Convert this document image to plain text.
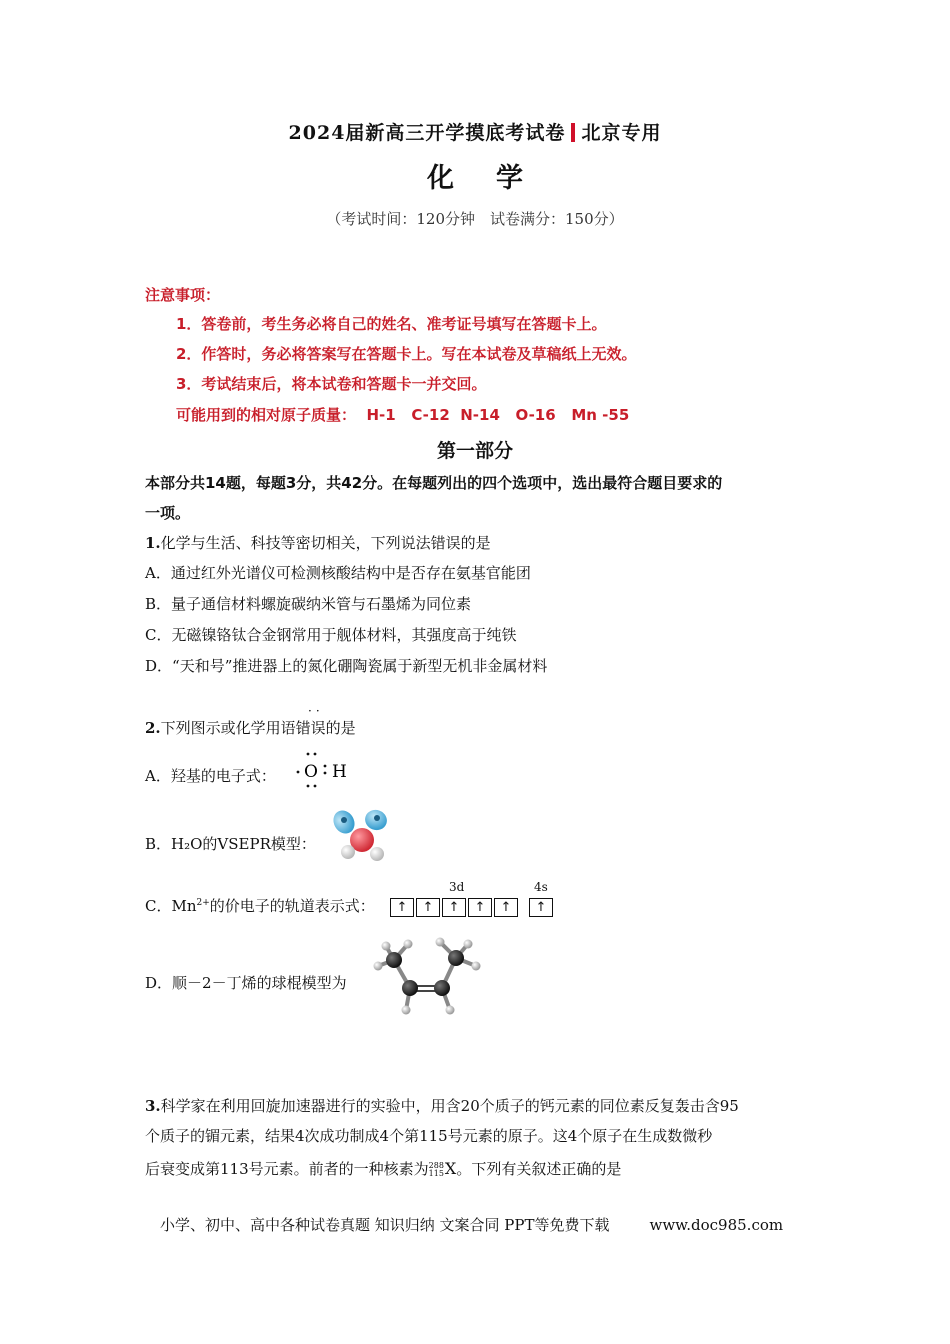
2024届新高三开学摸底考试卷 北京专用
化学
（考试时间：120分钟　试卷满分：150分）
注意事项：
1．答卷前，考生务必将自己的姓名、准考证号填写在答题卡上。
2．作答时，务必将答案写在答题卡上。写在本试卷及草稿纸上无效。
3．考试结束后，将本试卷和答题卡一并交回。
可能用到的相对原子质量：  H-1   C-12  N-14   O-16   Mn -55
第一部分
本部分共14题，每题3分，共42分。在每题列出的四个选项中，选出最符合题目要求的
一项。
1.化学与生活、科技等密切相关，下列说法错误的是
A．通过红外光谱仪可检测核酸结构中是否存在氨基官能团
B．量子通信材料螺旋碳纳米管与石墨烯为同位素
C．无磁镍铬钛合金钢常用于舰体材料，其强度高于纯铁
D．“天和号”推进器上的氮化硼陶瓷属于新型无机非金属材料
··
2.下列图示或化学用语错误的是
A．羟基的电子式： O H
B．H₂O的VSEPR模型：
C．$Mn^{2+}$的价电子的轨道表示式：
3d	4s
↑	↑	↑	↑	↑	↑
D．顺－2－丁烯的球棍模型为
3.科学家在利用回旋加速器进行的实验中，用含20个质子的钙元素的同位素反复轰击含95
个质子的镅元素，结果4次成功制成4个第115号元素的原子。这4个原子在生成数微秒
后衰变成第113号元素。前者的一种核素为288
115X。下列有关叙述正确的是
小学、初中、高中各种试卷真题 知识归纳 文案合同 PPT等免费下载	www.doc985.com
